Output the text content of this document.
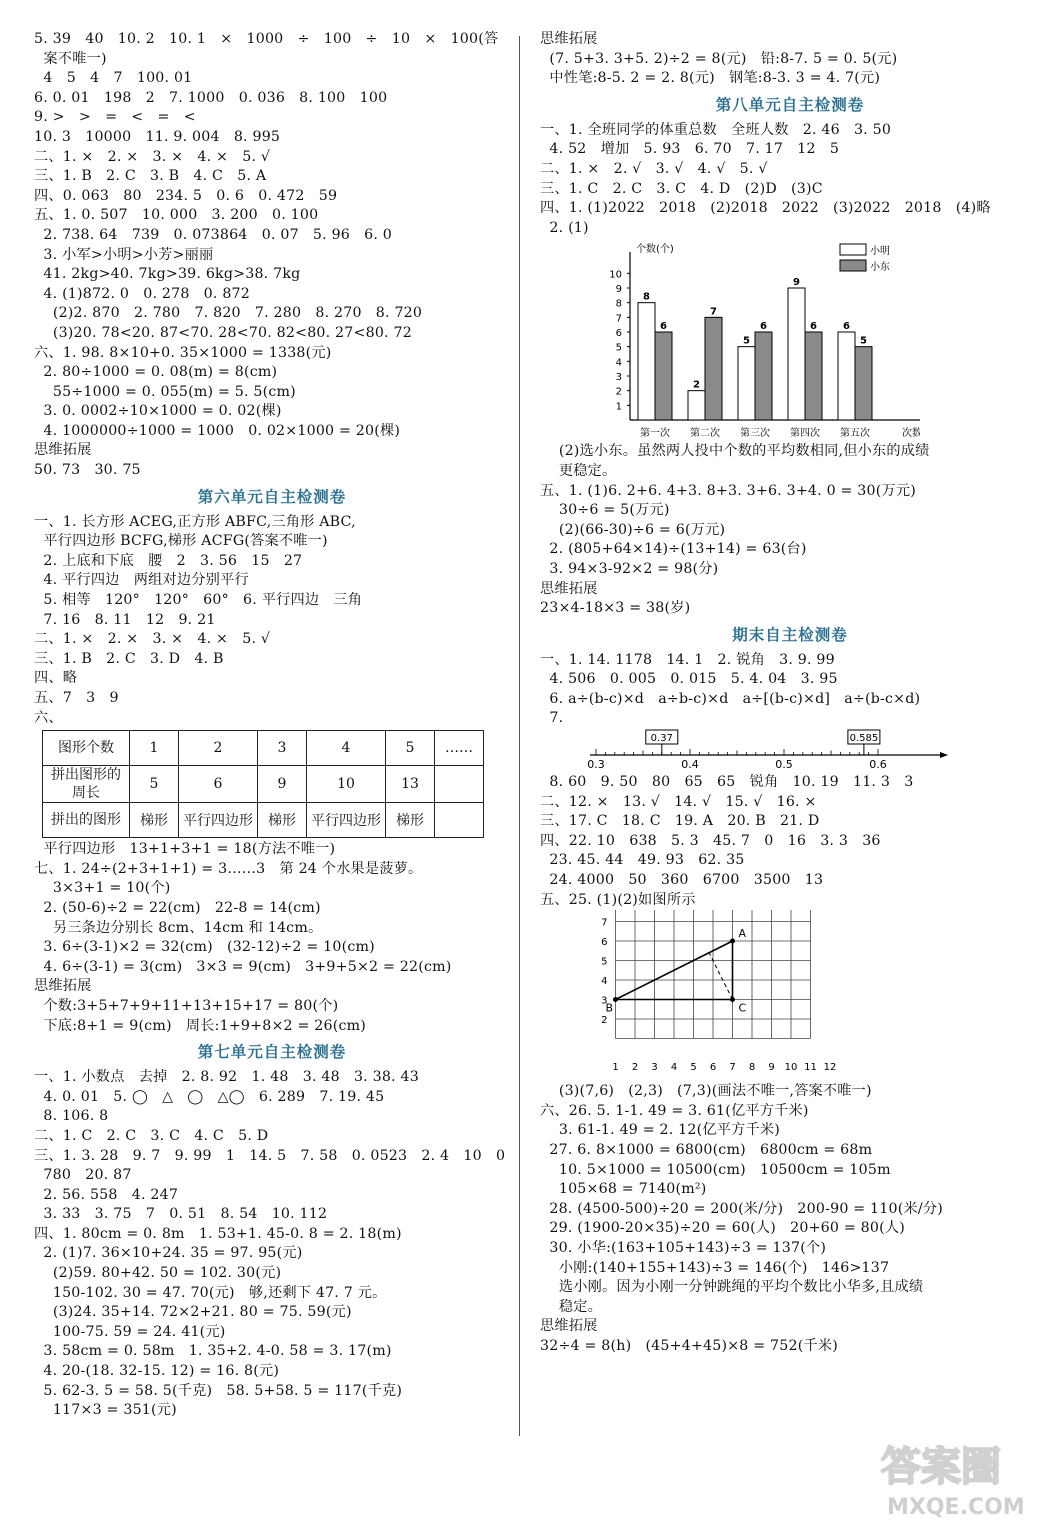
5. 39   40   10. 2   10. 1   ×   1000   ÷   100   ÷   10   ×   100(答
案不唯一)
4   5   4   7   100. 01
6. 0. 01   198   2   7. 1000   0. 036   8. 100   100
9. >   >   =   <   =   <
10. 3   10000   11. 9. 004   8. 995
二、1. ×   2. ×   3. ×   4. ×   5. √
三、1. B   2. C   3. B   4. C   5. A
四、0. 063   80   234. 5   0. 6   0. 472   59
五、1. 0. 507   10. 000   3. 200   0. 100
2. 738. 64   739   0. 073864   0. 07   5. 96   6. 0
3. 小军>小明>小芳>丽丽
41. 2kg>40. 7kg>39. 6kg>38. 7kg
4. (1)872. 0   0. 278   0. 872
(2)2. 870   2. 780   7. 820   7. 280   8. 270   8. 720
(3)20. 78<20. 87<70. 28<70. 82<80. 27<80. 72
六、1. 98. 8×10+0. 35×1000 = 1338(元)
2. 80÷1000 = 0. 08(m) = 8(cm)
55÷1000 = 0. 055(m) = 5. 5(cm)
3. 0. 0002÷10×1000 = 0. 02(棵)
4. 1000000÷1000 = 1000   0. 02×1000 = 20(棵)
思维拓展
50. 73   30. 75
第六单元自主检测卷
一、1. 长方形 ACEG,正方形 ABFC,三角形 ABC,
平行四边形 BCFG,梯形 ACFG(答案不唯一)
2. 上底和下底   腰   2   3. 56   15   27
4. 平行四边   两组对边分别平行
5. 相等   120°   120°   60°   6. 平行四边   三角
7. 16   8. 11   12   9. 21
二、1. ×   2. ×   3. ×   4. ×   5. √
三、1. B   2. C   3. D   4. B
四、略
五、7   3   9
六、
图形个数	1	2	3	4	5	……
拼出图形的周长	5	6	9	10	13	
拼出的图形	梯形	平行四边形	梯形	平行四边形	梯形	
平行四边形   13+1+3+1 = 18(方法不唯一)
七、1. 24÷(2+3+1+1) = 3……3   第 24 个水果是菠萝。
3×3+1 = 10(个)
2. (50-6)÷2 = 22(cm)   22-8 = 14(cm)
另三条边分别长 8cm、14cm 和 14cm。
3. 6÷(3-1)×2 = 32(cm)   (32-12)÷2 = 10(cm)
4. 6÷(3-1) = 3(cm)   3×3 = 9(cm)   3+9+5×2 = 22(cm)
思维拓展
个数:3+5+7+9+11+13+15+17 = 80(个)
下底:8+1 = 9(cm)   周长:1+9+8×2 = 26(cm)
第七单元自主检测卷
一、1. 小数点   去掉   2. 8. 92   1. 48   3. 48   3. 38. 43
4. 0. 01   5. ◯   △   ◯   △◯   6. 289   7. 19. 45
8. 106. 8
二、1. C   2. C   3. C   4. C   5. D
三、1. 3. 28   9. 7   9. 99   1   14. 5   7. 58   0. 0523   2. 4   10   0
780   20. 87
2. 56. 558   4. 247
3. 33   3. 75   7   0. 51   8. 54   10. 112
四、1. 80cm = 0. 8m   1. 53+1. 45-0. 8 = 2. 18(m)
2. (1)7. 36×10+24. 35 = 97. 95(元)
(2)59. 80+42. 50 = 102. 30(元)
150-102. 30 = 47. 70(元)   够,还剩下 47. 7 元。
(3)24. 35+14. 72×2+21. 80 = 75. 59(元)
100-75. 59 = 24. 41(元)
3. 58cm = 0. 58m   1. 35+2. 4-0. 58 = 3. 17(m)
4. 20-(18. 32-15. 12) = 16. 8(元)
5. 62-3. 5 = 58. 5(千克)   58. 5+58. 5 = 117(千克)
117×3 = 351(元)
思维拓展
(7. 5+3. 3+5. 2)÷2 = 8(元)   铅:8-7. 5 = 0. 5(元)
中性笔:8-5. 2 = 2. 8(元)   钢笔:8-3. 3 = 4. 7(元)
第八单元自主检测卷
一、1. 全班同学的体重总数   全班人数   2. 46   3. 50
4. 52   增加   5. 93   6. 70   7. 17   12   5
二、1. ×   2. √   3. √   4. √   5. √
三、1. C   2. C   3. C   4. D   (2)D   (3)C
四、1. (1)2022   2018   (2)2018   2022   (3)2022   2018   (4)略
2. (1)
个数(个)
次数
1
2
3
4
5
6
7
8
9
10
8
6
第一次
2
7
第二次
5
6
第三次
9
6
第四次
6
5
第五次
小明
小东
(2)选小东。虽然两人投中个数的平均数相同,但小东的成绩
更稳定。
五、1. (1)6. 2+6. 4+3. 8+3. 3+6. 3+4. 0 = 30(万元)
30÷6 = 5(万元)
(2)(66-30)÷6 = 6(万元)
2. (805+64×14)÷(13+14) = 63(台)
3. 94×3-92×2 = 98(分)
思维拓展
23×4-18×3 = 38(岁)
期末自主检测卷
一、1. 14. 1178   14. 1   2. 锐角   3. 9. 99
4. 506   0. 005   0. 015   5. 4. 04   3. 95
6. a÷(b-c)×d   a÷b-c)×d   a÷[(b-c)×d]   a÷(b-c×d)
7.
0.3	0.4	0.5	0.6
0.37	0.585
8. 60   9. 50   80   65   65   锐角   10. 19   11. 3   3
二、12. ×   13. √   14. √   15. √   16. ×
三、17. C   18. C   19. A   20. B   21. D
四、22. 10   638   5. 3   45. 7   0   16   3. 3   36
23. 45. 44   49. 93   62. 35
24. 4000   50   360   6700   3500   13
五、25. (1)(2)如图所示
1 2 3 4 5 6 7 8 9 10 11 12
2
3
4
5
6
7
A
B	C
(3)(7,6)   (2,3)   (7,3)(画法不唯一,答案不唯一)
六、26. 5. 1-1. 49 = 3. 61(亿平方千米)
3. 61-1. 49 = 2. 12(亿平方千米)
27. 6. 8×1000 = 6800(cm)   6800cm = 68m
10. 5×1000 = 10500(cm)   10500cm = 105m
105×68 = 7140(m²)
28. (4500-500)÷20 = 200(米/分)   200-90 = 110(米/分)
29. (1900-20×35)÷20 = 60(人)   20+60 = 80(人)
30. 小华:(163+105+143)÷3 = 137(个)
小刚:(140+155+143)÷3 = 146(个)   146>137
选小刚。因为小刚一分钟跳绳的平均个数比小华多,且成绩
稳定。
思维拓展
32÷4 = 8(h)   (45+4+45)×8 = 752(千米)
答案圈
MXQE.COM
